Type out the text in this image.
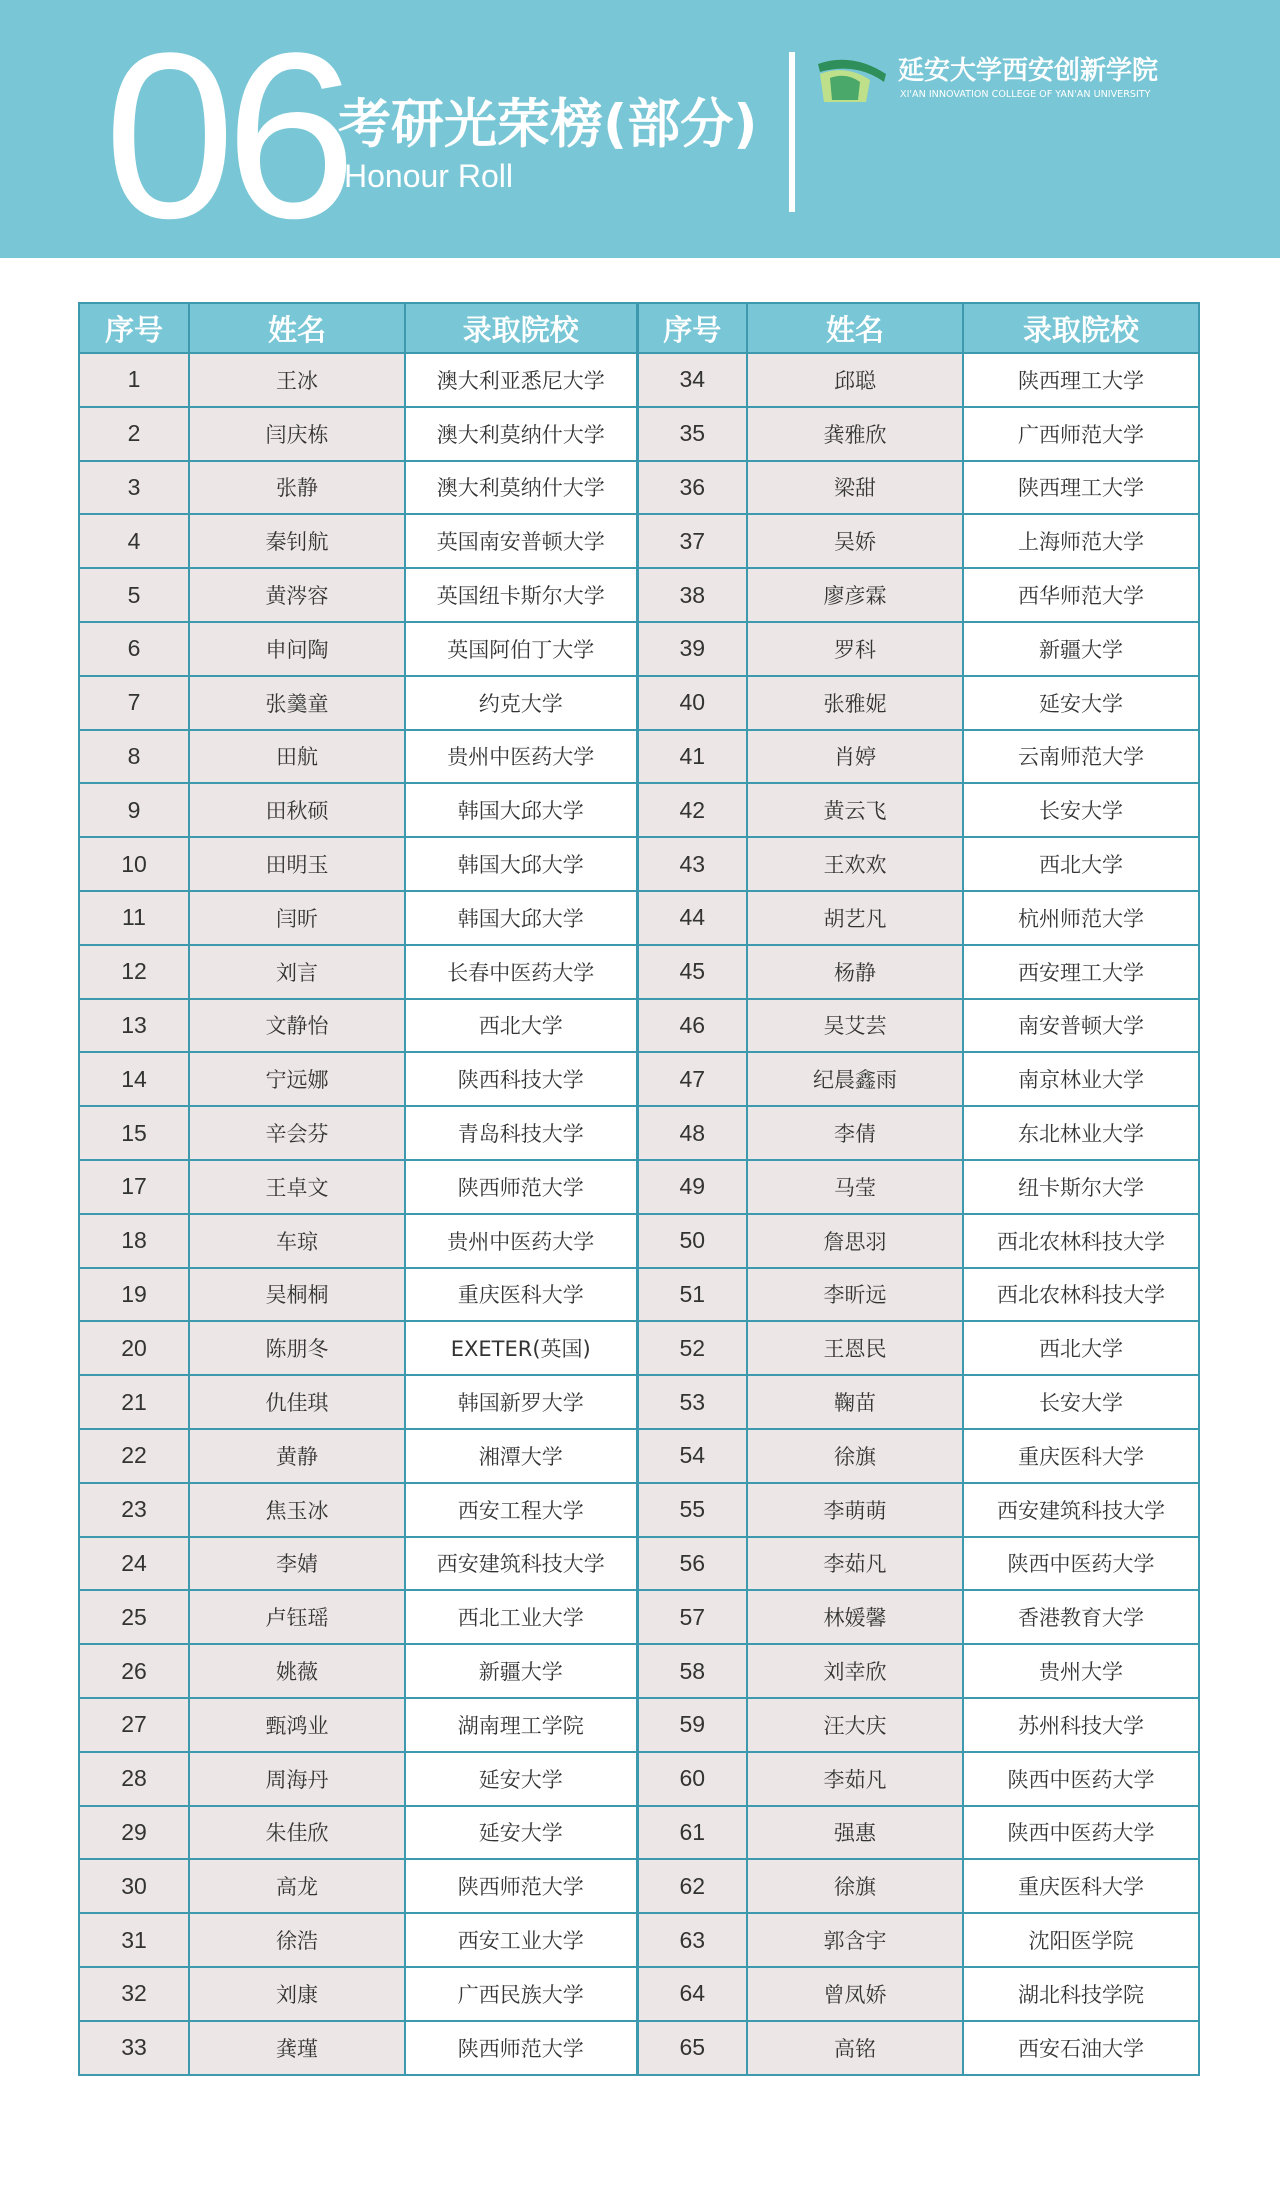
06
考研光荣榜(部分)
Honour Roll
延安大学西安创新学院
XI'AN INNOVATION COLLEGE OF YAN'AN UNIVERSITY
序号	姓名	录取院校	序号	姓名	录取院校
1	王冰	澳大利亚悉尼大学	34	邱聪	陕西理工大学
2	闫庆栋	澳大利莫纳什大学	35	龚雅欣	广西师范大学
3	张静	澳大利莫纳什大学	36	梁甜	陕西理工大学
4	秦钊航	英国南安普顿大学	37	吴娇	上海师范大学
5	黄涔容	英国纽卡斯尔大学	38	廖彦霖	西华师范大学
6	申问陶	英国阿伯丁大学	39	罗科	新疆大学
7	张羹童	约克大学	40	张雅妮	延安大学
8	田航	贵州中医药大学	41	肖婷	云南师范大学
9	田秋硕	韩国大邱大学	42	黄云飞	长安大学
10	田明玉	韩国大邱大学	43	王欢欢	西北大学
11	闫昕	韩国大邱大学	44	胡艺凡	杭州师范大学
12	刘言	长春中医药大学	45	杨静	西安理工大学
13	文静怡	西北大学	46	吴艾芸	南安普顿大学
14	宁远娜	陕西科技大学	47	纪晨鑫雨	南京林业大学
15	辛会芬	青岛科技大学	48	李倩	东北林业大学
17	王卓文	陕西师范大学	49	马莹	纽卡斯尔大学
18	车琼	贵州中医药大学	50	詹思羽	西北农林科技大学
19	吴桐桐	重庆医科大学	51	李昕远	西北农林科技大学
20	陈朋冬	EXETER(英国)	52	王恩民	西北大学
21	仇佳琪	韩国新罗大学	53	鞠苗	长安大学
22	黄静	湘潭大学	54	徐旗	重庆医科大学
23	焦玉冰	西安工程大学	55	李萌萌	西安建筑科技大学
24	李婧	西安建筑科技大学	56	李茹凡	陕西中医药大学
25	卢钰瑶	西北工业大学	57	林媛馨	香港教育大学
26	姚薇	新疆大学	58	刘幸欣	贵州大学
27	甄鸿业	湖南理工学院	59	汪大庆	苏州科技大学
28	周海丹	延安大学	60	李茹凡	陕西中医药大学
29	朱佳欣	延安大学	61	强惠	陕西中医药大学
30	高龙	陕西师范大学	62	徐旗	重庆医科大学
31	徐浩	西安工业大学	63	郭含宇	沈阳医学院
32	刘康	广西民族大学	64	曾凤娇	湖北科技学院
33	龚瑾	陕西师范大学	65	高铭	西安石油大学
